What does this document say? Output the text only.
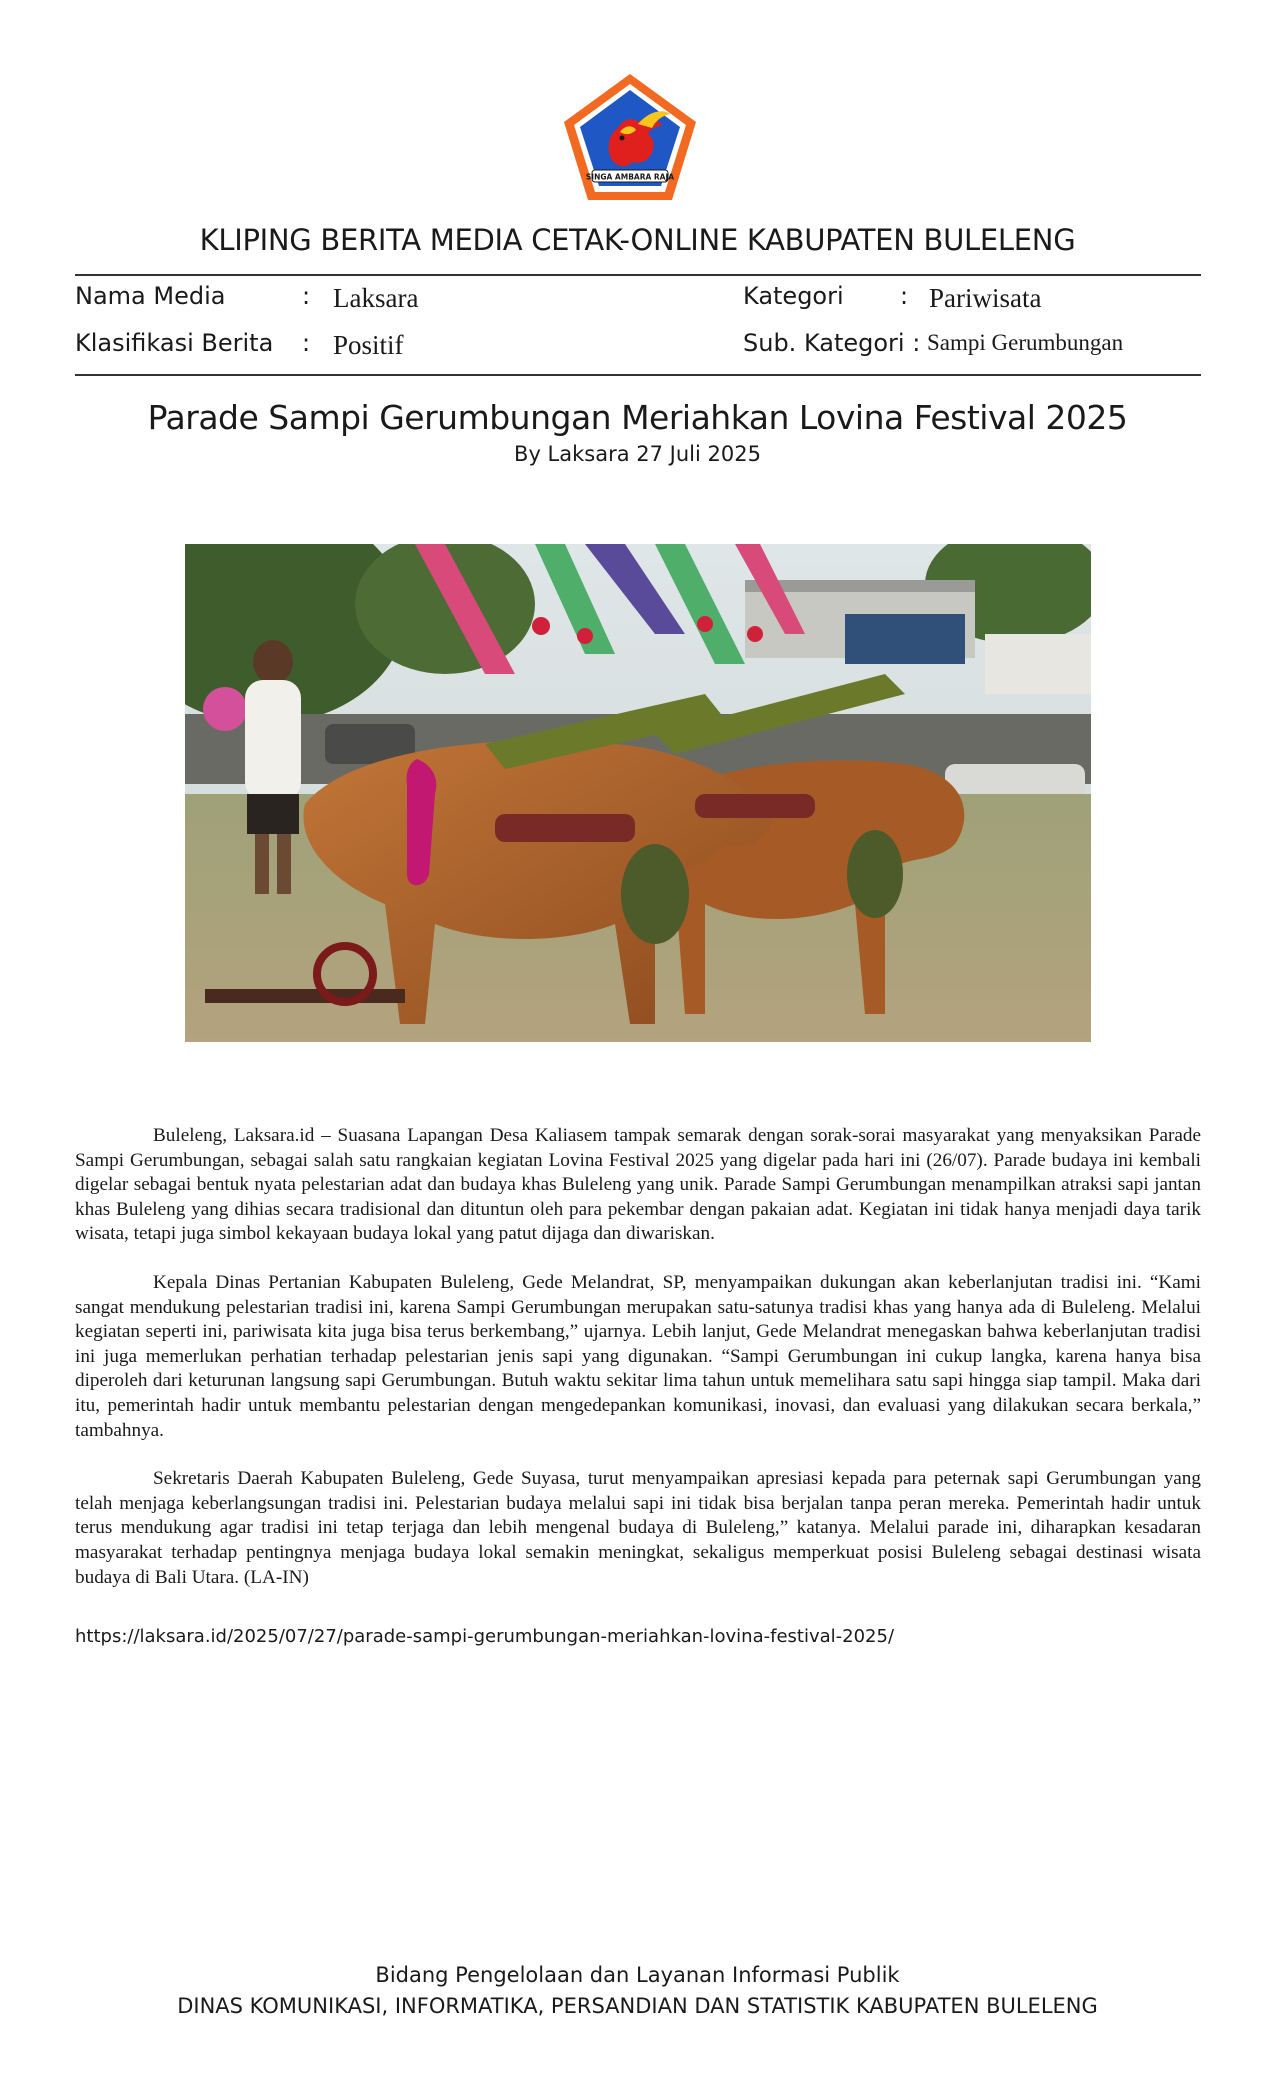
SINGA AMBARA RAJA
KLIPING BERITA MEDIA CETAK-ONLINE KABUPATEN BULELENG
Nama Media	: Laksara	Kategori : Pariwisata
Klasifikasi Berita : Positif	Sub. Kategori : Sampi Gerumbungan
Parade Sampi Gerumbungan Meriahkan Lovina Festival 2025
By Laksara 27 Juli 2025

Buleleng, Laksara.id – Suasana Lapangan Desa Kaliasem tampak semarak dengan sorak-sorai masyarakat yang menyaksikan Parade Sampi Gerumbungan, sebagai salah satu rangkaian kegiatan Lovina Festival 2025 yang digelar pada hari ini (26/07). Parade budaya ini kembali digelar sebagai bentuk nyata pelestarian adat dan budaya khas Buleleng yang unik. Parade Sampi Gerumbungan menampilkan atraksi sapi jantan khas Buleleng yang dihias secara tradisional dan dituntun oleh para pekembar dengan pakaian adat. Kegiatan ini tidak hanya menjadi daya tarik wisata, tetapi juga simbol kekayaan budaya lokal yang patut dijaga dan diwariskan.

Kepala Dinas Pertanian Kabupaten Buleleng, Gede Melandrat, SP, menyampaikan dukungan akan keberlanjutan tradisi ini. “Kami sangat mendukung pelestarian tradisi ini, karena Sampi Gerumbungan merupakan satu-satunya tradisi khas yang hanya ada di Buleleng. Melalui kegiatan seperti ini, pariwisata kita juga bisa terus berkembang,” ujarnya. Lebih lanjut, Gede Melandrat menegaskan bahwa keberlanjutan tradisi ini juga memerlukan perhatian terhadap pelestarian jenis sapi yang digunakan. “Sampi Gerumbungan ini cukup langka, karena hanya bisa diperoleh dari keturunan langsung sapi Gerumbungan. Butuh waktu sekitar lima tahun untuk memelihara satu sapi hingga siap tampil. Maka dari itu, pemerintah hadir untuk membantu pelestarian dengan mengedepankan komunikasi, inovasi, dan evaluasi yang dilakukan secara berkala,” tambahnya.

Sekretaris Daerah Kabupaten Buleleng, Gede Suyasa, turut menyampaikan apresiasi kepada para peternak sapi Gerumbungan yang telah menjaga keberlangsungan tradisi ini. Pelestarian budaya melalui sapi ini tidak bisa berjalan tanpa peran mereka. Pemerintah hadir untuk terus mendukung agar tradisi ini tetap terjaga dan lebih mengenal budaya di Buleleng,” katanya. Melalui parade ini, diharapkan kesadaran masyarakat terhadap pentingnya menjaga budaya lokal semakin meningkat, sekaligus memperkuat posisi Buleleng sebagai destinasi wisata budaya di Bali Utara. (LA-IN)

https://laksara.id/2025/07/27/parade-sampi-gerumbungan-meriahkan-lovina-festival-2025/
Bidang Pengelolaan dan Layanan Informasi Publik
DINAS KOMUNIKASI, INFORMATIKA, PERSANDIAN DAN STATISTIK KABUPATEN BULELENG
